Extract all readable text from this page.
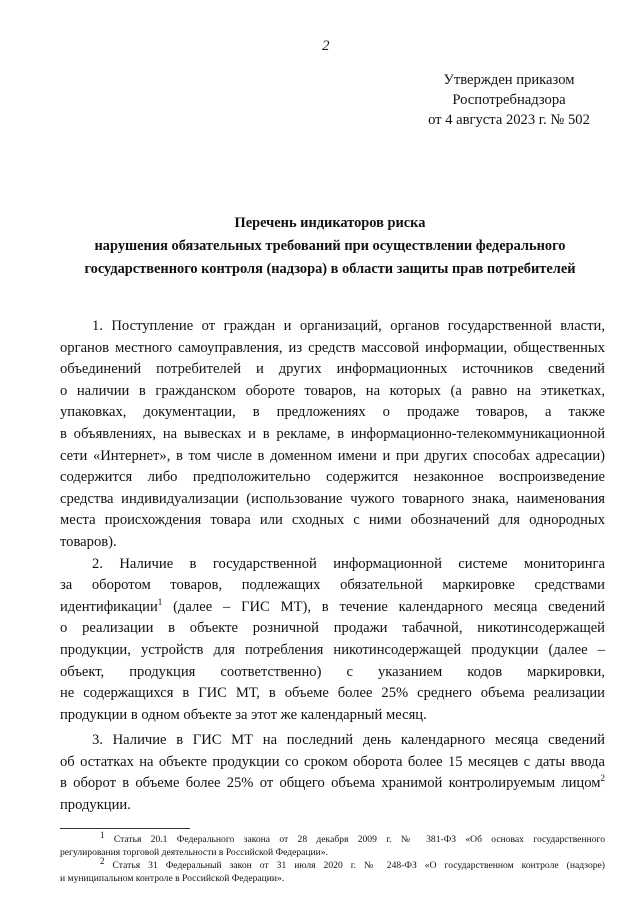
2
Утвержден приказом
Роспотребнадзора
от 4 августа 2023 г. № 502
Перечень индикаторов риска
нарушения обязательных требований при осуществлении федерального
государственного контроля (надзора) в области защиты прав потребителей
1. Поступление от граждан и организаций, органов государственной власти,
органов местного самоуправления, из средств массовой информации, общественных
объединений потребителей и других информационных источников сведений
о наличии в гражданском обороте товаров, на которых (а равно на этикетках,
упаковках, документации, в предложениях о продаже товаров, а также
в объявлениях, на вывесках и в рекламе, в информационно-телекоммуникационной
сети «Интернет», в том числе в доменном имени и при других способах адресации)
содержится либо предположительно содержится незаконное воспроизведение
средства индивидуализации (использование чужого товарного знака, наименования
места происхождения товара или сходных с ними обозначений для однородных
товаров).
2. Наличие в государственной информационной системе мониторинга
за оборотом товаров, подлежащих обязательной маркировке средствами
идентификации$^1$ (далее – ГИС МТ), в течение календарного месяца сведений
о реализации в объекте розничной продажи табачной, никотинсодержащей
продукции, устройств для потребления никотинсодержащей продукции (далее –
объект, продукция соответственно) с указанием кодов маркировки,
не содержащихся в ГИС МТ, в объеме более 25% среднего объема реализации
продукции в одном объекте за этот же календарный месяц.
3. Наличие в ГИС МТ на последний день календарного месяца сведений
об остатках на объекте продукции со сроком оборота более 15 месяцев с даты ввода
в оборот в объеме более 25% от общего объема хранимой контролируемым лицом$^2$
продукции.
$^1$ Статья 20.1 Федерального закона от 28 декабря 2009 г. № 381-ФЗ «Об основах государственного
регулирования торговой деятельности в Российской Федерации».
$^2$ Статья 31 Федеральный закон от 31 июля 2020 г. № 248-ФЗ «О государственном контроле (надзоре)
и муниципальном контроле в Российской Федерации».
